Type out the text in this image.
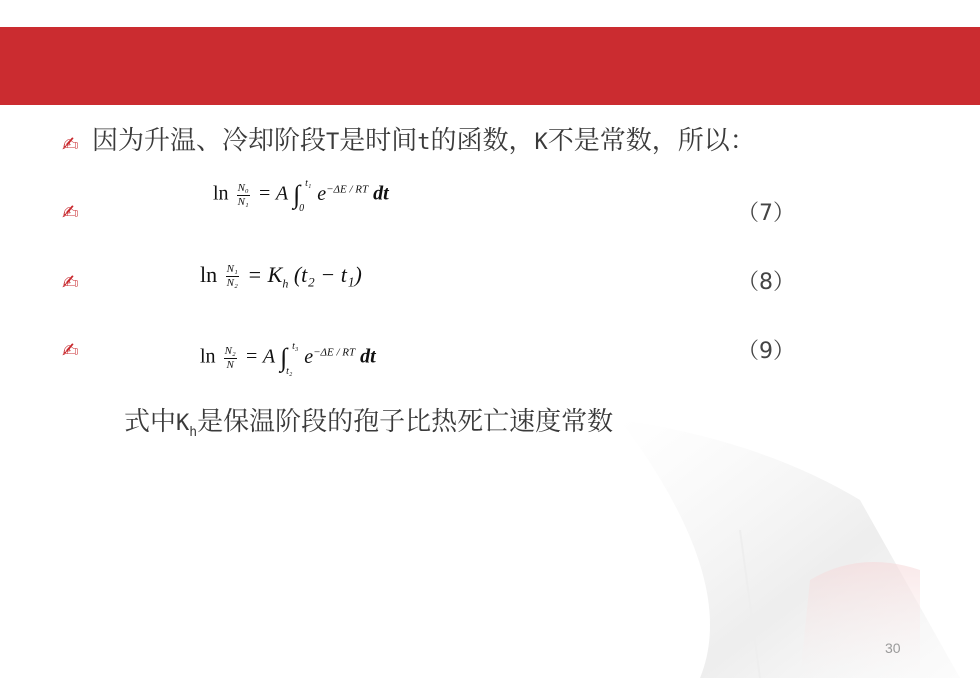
✍ 因为升温、冷却阶段T是时间t的函数，K不是常数，所以：
✍
$\ln \frac{\text{N₀}}{\text{N₁}} = A$ ∫ t₁
0
$e^{-\Delta E / RT}$ dt
（7）
✍	$\ln \frac{\text{N₁}}{\text{N₂}} = K_h$ (t₂ − t₁)	（8）
✍	$\ln \frac{\text{N₂}}{N} = A$ ∫ t₃
t₂
$e^{-\Delta E / RT}$ dt	（9）
式中$K_h$是保温阶段的孢子比热死亡速度常数
30
